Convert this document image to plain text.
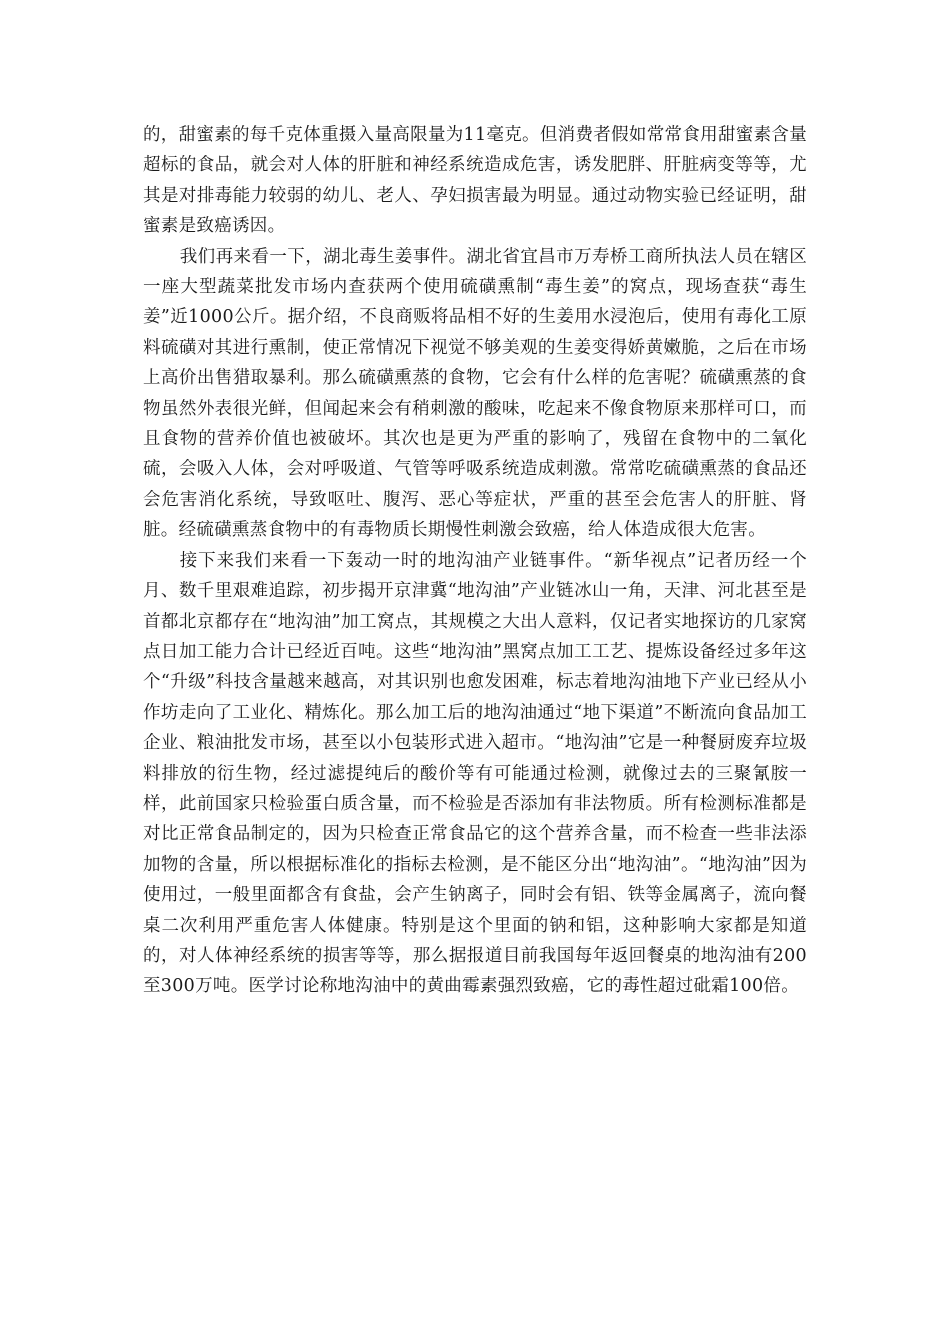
的，甜蜜素的每千克体重摄入量高限量为11毫克。但消费者假如常常食用甜蜜素含量超标的食品，就会对人体的肝脏和神经系统造成危害，诱发肥胖、肝脏病变等等，尤其是对排毒能力较弱的幼儿、老人、孕妇损害最为明显。通过动物实验已经证明，甜蜜素是致癌诱因。

我们再来看一下，湖北毒生姜事件。湖北省宜昌市万寿桥工商所执法人员在辖区一座大型蔬菜批发市场内查获两个使用硫磺熏制“毒生姜”的窝点，现场查获“毒生姜”近1000公斤。据介绍，不良商贩将品相不好的生姜用水浸泡后，使用有毒化工原料硫磺对其进行熏制，使正常情况下视觉不够美观的生姜变得娇黄嫩脆，之后在市场上高价出售猎取暴利。那么硫磺熏蒸的食物，它会有什么样的危害呢？硫磺熏蒸的食物虽然外表很光鲜，但闻起来会有稍刺激的酸味，吃起来不像食物原来那样可口，而且食物的营养价值也被破坏。其次也是更为严重的影响了，残留在食物中的二氧化硫，会吸入人体，会对呼吸道、气管等呼吸系统造成刺激。常常吃硫磺熏蒸的食品还会危害消化系统，导致呕吐、腹泻、恶心等症状，严重的甚至会危害人的肝脏、肾脏。经硫磺熏蒸食物中的有毒物质长期慢性刺激会致癌，给人体造成很大危害。

接下来我们来看一下轰动一时的地沟油产业链事件。“新华视点”记者历经一个月、数千里艰难追踪，初步揭开京津冀“地沟油”产业链冰山一角，天津、河北甚至是首都北京都存在“地沟油”加工窝点，其规模之大出人意料，仅记者实地探访的几家窝点日加工能力合计已经近百吨。这些“地沟油”黑窝点加工工艺、提炼设备经过多年这个“升级”科技含量越来越高，对其识别也愈发困难，标志着地沟油地下产业已经从小作坊走向了工业化、精炼化。那么加工后的地沟油通过“地下渠道”不断流向食品加工企业、粮油批发市场，甚至以小包装形式进入超市。“地沟油”它是一种餐厨废弃垃圾料排放的衍生物，经过滤提纯后的酸价等有可能通过检测，就像过去的三聚氰胺一样，此前国家只检验蛋白质含量，而不检验是否添加有非法物质。所有检测标准都是对比正常食品制定的，因为只检查正常食品它的这个营养含量，而不检查一些非法添加物的含量，所以根据标准化的指标去检测，是不能区分出“地沟油”。“地沟油”因为使用过，一般里面都含有食盐，会产生钠离子，同时会有铝、铁等金属离子，流向餐桌二次利用严重危害人体健康。特别是这个里面的钠和铝，这种影响大家都是知道的，对人体神经系统的损害等等，那么据报道目前我国每年返回餐桌的地沟油有200至300万吨。医学讨论称地沟油中的黄曲霉素强烈致癌，它的毒性超过砒霜100倍。
